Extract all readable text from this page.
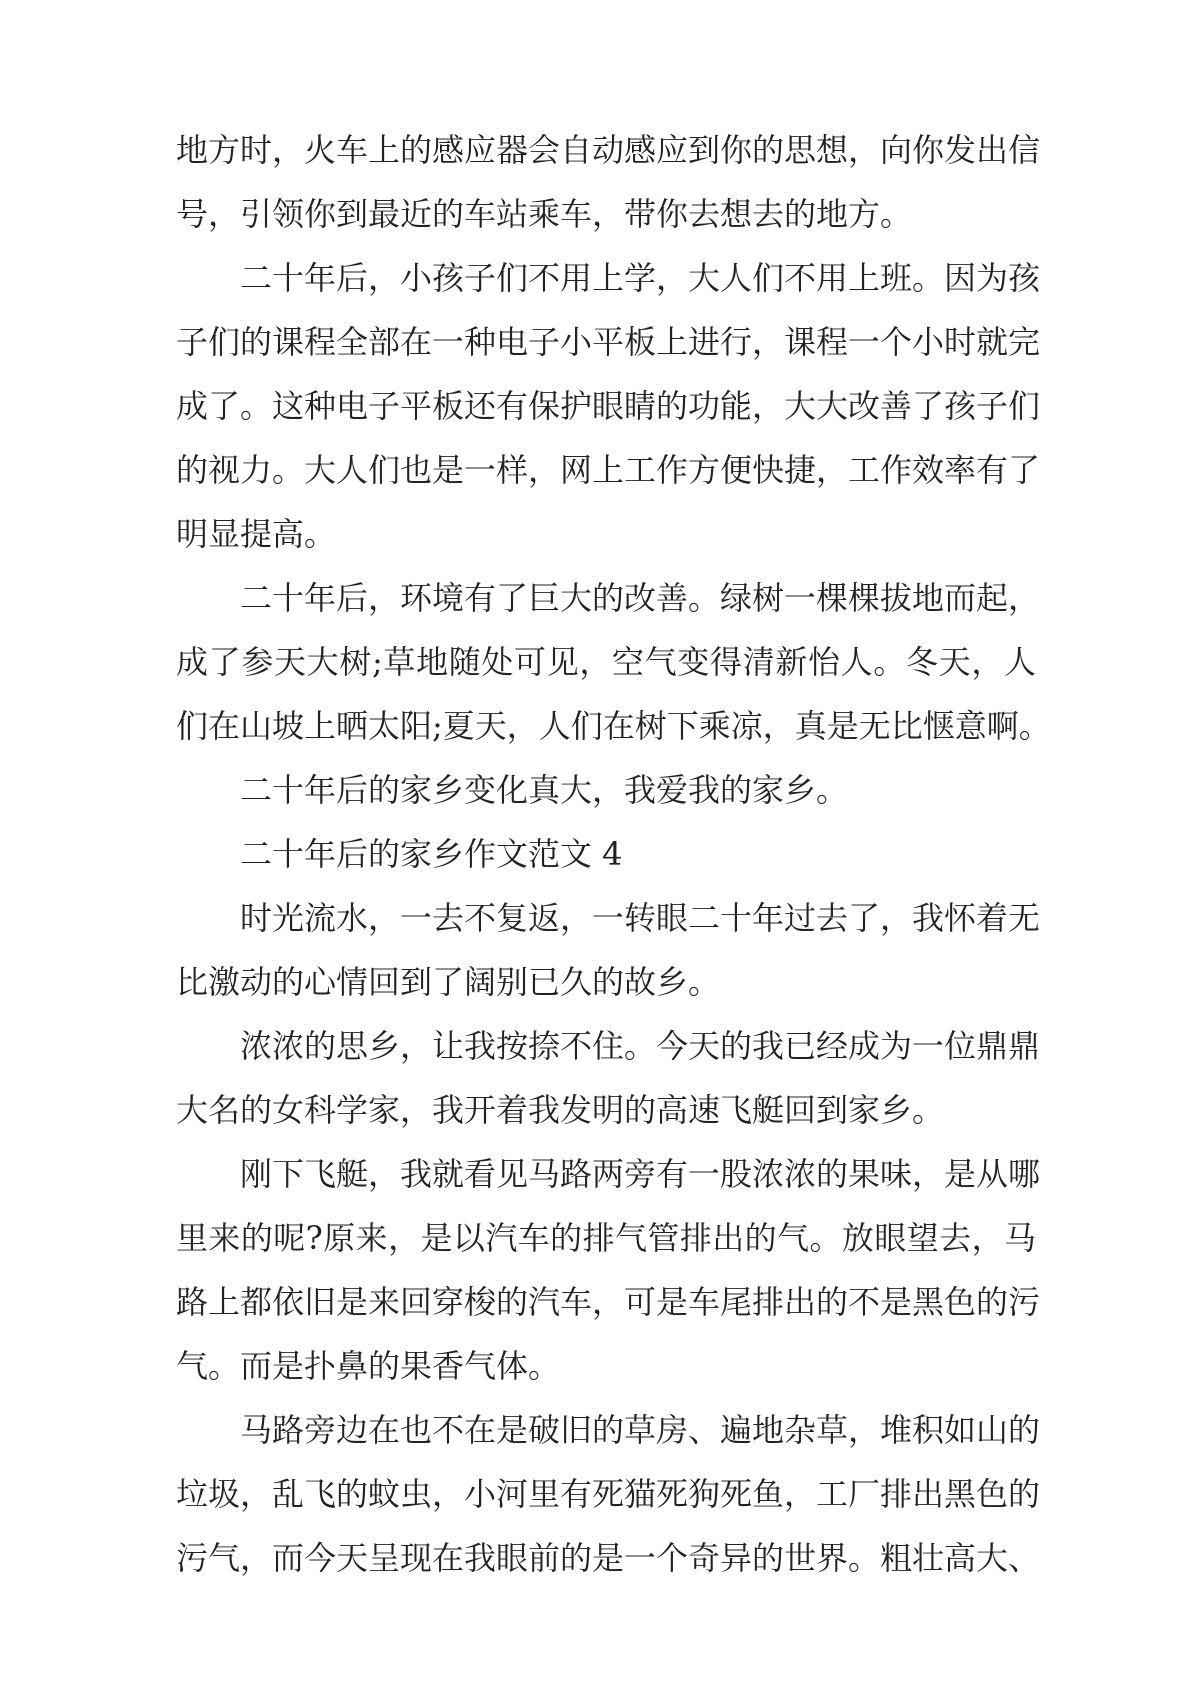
地方时，火车上的感应器会自动感应到你的思想，向你发出信
号，引领你到最近的车站乘车，带你去想去的地方。
二十年后，小孩子们不用上学，大人们不用上班。因为孩
子们的课程全部在一种电子小平板上进行，课程一个小时就完
成了。这种电子平板还有保护眼睛的功能，大大改善了孩子们
的视力。大人们也是一样，网上工作方便快捷，工作效率有了
明显提高。
二十年后，环境有了巨大的改善。绿树一棵棵拔地而起，
成了参天大树;草地随处可见，空气变得清新怡人。冬天，人
们在山坡上晒太阳;夏天，人们在树下乘凉，真是无比惬意啊。
二十年后的家乡变化真大，我爱我的家乡。
二十年后的家乡作文范文 4
时光流水，一去不复返，一转眼二十年过去了，我怀着无
比激动的心情回到了阔别已久的故乡。
浓浓的思乡，让我按捺不住。今天的我已经成为一位鼎鼎
大名的女科学家，我开着我发明的高速飞艇回到家乡。
刚下飞艇，我就看见马路两旁有一股浓浓的果味，是从哪
里来的呢?原来，是以汽车的排气管排出的气。放眼望去，马
路上都依旧是来回穿梭的汽车，可是车尾排出的不是黑色的污
气。而是扑鼻的果香气体。
马路旁边在也不在是破旧的草房、遍地杂草，堆积如山的
垃圾，乱飞的蚊虫，小河里有死猫死狗死鱼，工厂排出黑色的
污气，而今天呈现在我眼前的是一个奇异的世界。粗壮高大、
